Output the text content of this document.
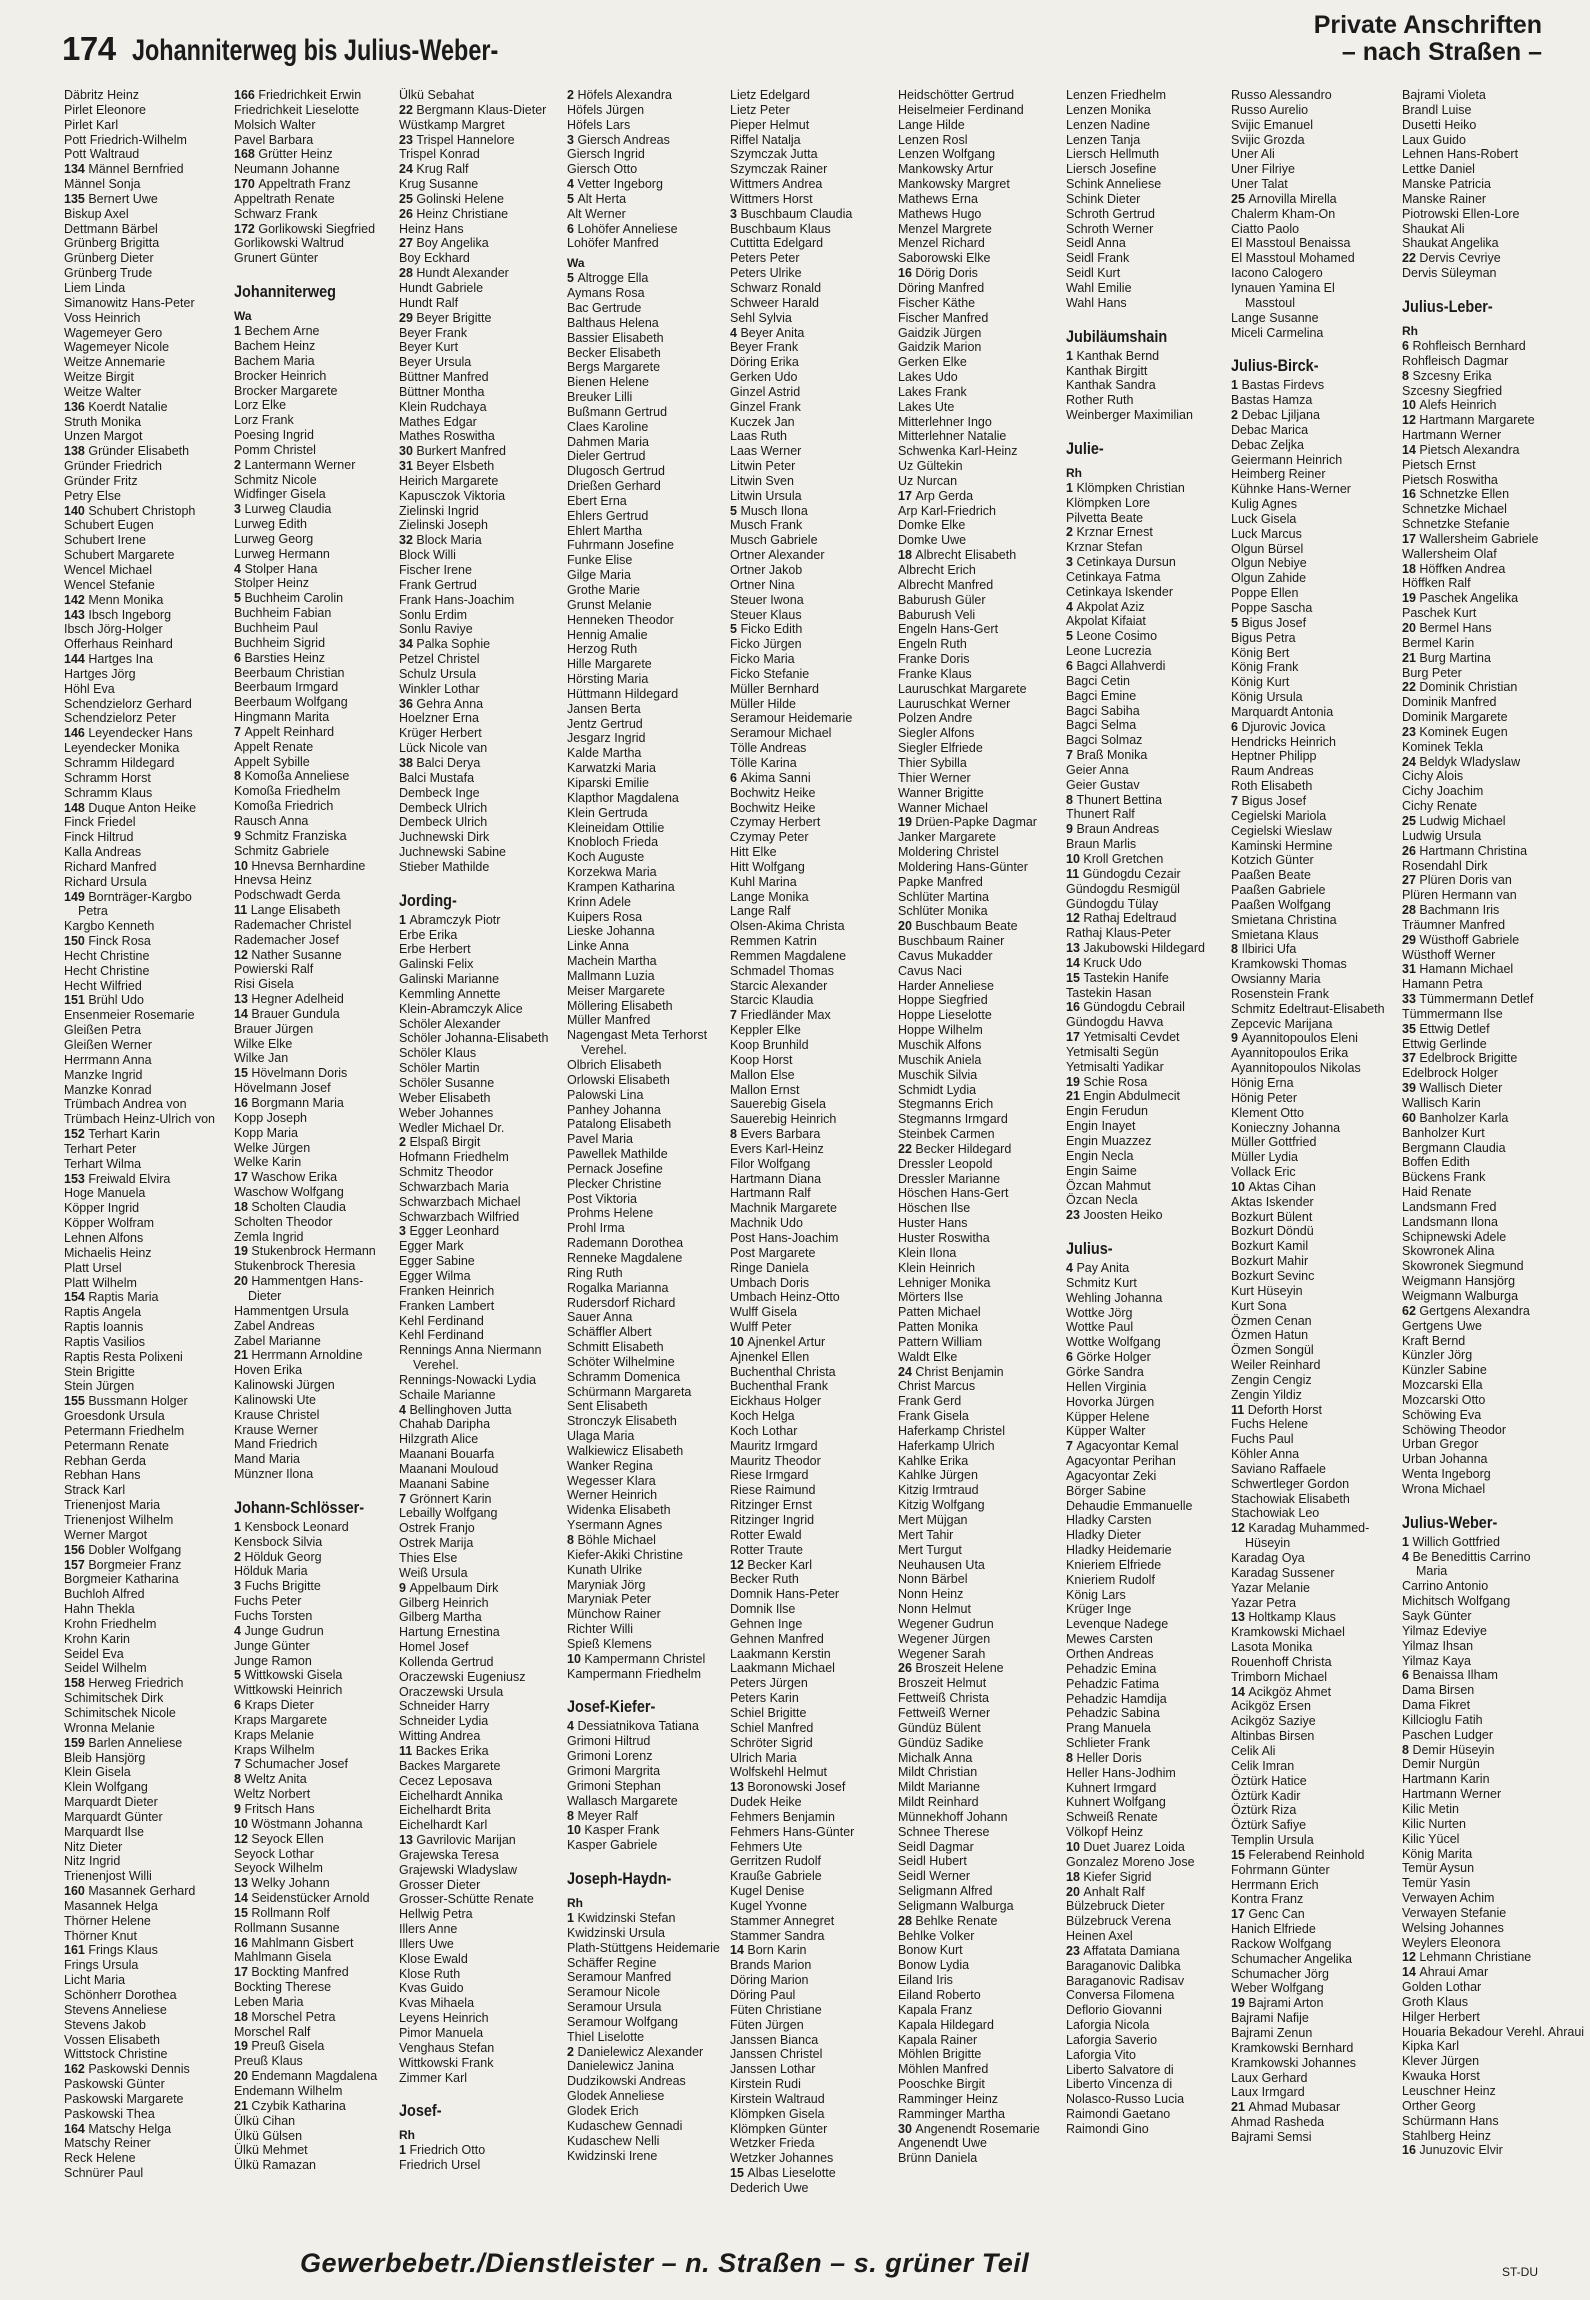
174 Johanniterweg bis Julius-Weber-
Private Anschriften
– nach Straßen –
Däbritz Heinz
Pirlet Eleonore
Pirlet Karl
Pott Friedrich-Wilhelm
Pott Waltraud
134 Männel Bernfried
Männel Sonja
135 Bernert Uwe
Biskup Axel
Dettmann Bärbel
Grünberg Brigitta
Grünberg Dieter
Grünberg Trude
Liem Linda
Simanowitz Hans-Peter
Voss Heinrich
Wagemeyer Gero
Wagemeyer Nicole
Weitze Annemarie
Weitze Birgit
Weitze Walter
136 Koerdt Natalie
Struth Monika
Unzen Margot
138 Gründer Elisabeth
Gründer Friedrich
Gründer Fritz
Petry Else
140 Schubert Christoph
Schubert Eugen
Schubert Irene
Schubert Margarete
Wencel Michael
Wencel Stefanie
142 Menn Monika
143 Ibsch Ingeborg
Ibsch Jörg-Holger
Offerhaus Reinhard
144 Hartges Ina
Hartges Jörg
Höhl Eva
Schendzielorz Gerhard
Schendzielorz Peter
146 Leyendecker Hans
Leyendecker Monika
Schramm Hildegard
Schramm Horst
Schramm Klaus
148 Duque Anton Heike
Finck Friedel
Finck Hiltrud
Kalla Andreas
Richard Manfred
Richard Ursula
149 Bornträger-Kargbo
Petra
Kargbo Kenneth
150 Finck Rosa
Hecht Christine
Hecht Christine
Hecht Wilfried
151 Brühl Udo
Ensenmeier Rosemarie
Gleißen Petra
Gleißen Werner
Herrmann Anna
Manzke Ingrid
Manzke Konrad
Trümbach Andrea von
Trümbach Heinz-Ulrich von
152 Terhart Karin
Terhart Peter
Terhart Wilma
153 Freiwald Elvira
Hoge Manuela
Köpper Ingrid
Köpper Wolfram
Lehnen Alfons
Michaelis Heinz
Platt Ursel
Platt Wilhelm
154 Raptis Maria
Raptis Angela
Raptis Ioannis
Raptis Vasilios
Raptis Resta Polixeni
Stein Brigitte
Stein Jürgen
155 Bussmann Holger
Groesdonk Ursula
Petermann Friedhelm
Petermann Renate
Rebhan Gerda
Rebhan Hans
Strack Karl
Trienenjost Maria
Trienenjost Wilhelm
Werner Margot
156 Dobler Wolfgang
157 Borgmeier Franz
Borgmeier Katharina
Buchloh Alfred
Hahn Thekla
Krohn Friedhelm
Krohn Karin
Seidel Eva
Seidel Wilhelm
158 Herweg Friedrich
Schimitschek Dirk
Schimitschek Nicole
Wronna Melanie
159 Barlen Anneliese
Bleib Hansjörg
Klein Gisela
Klein Wolfgang
Marquardt Dieter
Marquardt Günter
Marquardt Ilse
Nitz Dieter
Nitz Ingrid
Trienenjost Willi
160 Masannek Gerhard
Masannek Helga
Thörner Helene
Thörner Knut
161 Frings Klaus
Frings Ursula
Licht Maria
Schönherr Dorothea
Stevens Anneliese
Stevens Jakob
Vossen Elisabeth
Wittstock Christine
162 Paskowski Dennis
Paskowski Günter
Paskowski Margarete
Paskowski Thea
164 Matschy Helga
Matschy Reiner
Reck Helene
Schnürer Paul
166 Friedrichkeit Erwin
Friedrichkeit Lieselotte
Molsich Walter
Pavel Barbara
168 Grütter Heinz
Neumann Johanne
170 Appeltrath Franz
Appeltrath Renate
Schwarz Frank
172 Gorlikowski Siegfried
Gorlikowski Waltrud
Grunert Günter
Johanniterweg
Wa
1 Bechem Arne
Bachem Heinz
Bachem Maria
Brocker Heinrich
Brocker Margarete
Lorz Elke
Lorz Frank
Poesing Ingrid
Pomm Christel
2 Lantermann Werner
Schmitz Nicole
Widfinger Gisela
3 Lurweg Claudia
Lurweg Edith
Lurweg Georg
Lurweg Hermann
4 Stolper Hana
Stolper Heinz
5 Buchheim Carolin
Buchheim Fabian
Buchheim Paul
Buchheim Sigrid
6 Barsties Heinz
Beerbaum Christian
Beerbaum Irmgard
Beerbaum Wolfgang
Hingmann Marita
7 Appelt Reinhard
Appelt Renate
Appelt Sybille
8 Komoßa Anneliese
Komoßa Friedhelm
Komoßa Friedrich
Rausch Anna
9 Schmitz Franziska
Schmitz Gabriele
10 Hnevsa Bernhardine
Hnevsa Heinz
Podschwadt Gerda
11 Lange Elisabeth
Rademacher Christel
Rademacher Josef
12 Nather Susanne
Powierski Ralf
Risi Gisela
13 Hegner Adelheid
14 Brauer Gundula
Brauer Jürgen
Wilke Elke
Wilke Jan
15 Hövelmann Doris
Hövelmann Josef
16 Borgmann Maria
Kopp Joseph
Kopp Maria
Welke Jürgen
Welke Karin
17 Waschow Erika
Waschow Wolfgang
18 Scholten Claudia
Scholten Theodor
Zemla Ingrid
19 Stukenbrock Hermann
Stukenbrock Theresia
20 Hammentgen Hans-
Dieter
Hammentgen Ursula
Zabel Andreas
Zabel Marianne
21 Herrmann Arnoldine
Hoven Erika
Kalinowski Jürgen
Kalinowski Ute
Krause Christel
Krause Werner
Mand Friedrich
Mand Maria
Münzner Ilona
Johann-Schlösser-
1 Kensbock Leonard
Kensbock Silvia
2 Hölduk Georg
Hölduk Maria
3 Fuchs Brigitte
Fuchs Peter
Fuchs Torsten
4 Junge Gudrun
Junge Günter
Junge Ramon
5 Wittkowski Gisela
Wittkowski Heinrich
6 Kraps Dieter
Kraps Margarete
Kraps Melanie
Kraps Wilhelm
7 Schumacher Josef
8 Weltz Anita
Weltz Norbert
9 Fritsch Hans
10 Wöstmann Johanna
12 Seyock Ellen
Seyock Lothar
Seyock Wilhelm
13 Welky Johann
14 Seidenstücker Arnold
15 Rollmann Rolf
Rollmann Susanne
16 Mahlmann Gisbert
Mahlmann Gisela
17 Bockting Manfred
Bockting Therese
Leben Maria
18 Morschel Petra
Morschel Ralf
19 Preuß Gisela
Preuß Klaus
20 Endemann Magdalena
Endemann Wilhelm
21 Czybik Katharina
Ülkü Cihan
Ülkü Gülsen
Ülkü Mehmet
Ülkü Ramazan
Ülkü Sebahat
22 Bergmann Klaus-Dieter
Wüstkamp Margret
23 Trispel Hannelore
Trispel Konrad
24 Krug Ralf
Krug Susanne
25 Golinski Helene
26 Heinz Christiane
Heinz Hans
27 Boy Angelika
Boy Eckhard
28 Hundt Alexander
Hundt Gabriele
Hundt Ralf
29 Beyer Brigitte
Beyer Frank
Beyer Kurt
Beyer Ursula
Büttner Manfred
Büttner Montha
Klein Rudchaya
Mathes Edgar
Mathes Roswitha
30 Burkert Manfred
31 Beyer Elsbeth
Heirich Margarete
Kapusczok Viktoria
Zielinski Ingrid
Zielinski Joseph
32 Block Maria
Block Willi
Fischer Irene
Frank Gertrud
Frank Hans-Joachim
Sonlu Erdim
Sonlu Raviye
34 Palka Sophie
Petzel Christel
Schulz Ursula
Winkler Lothar
36 Gehra Anna
Hoelzner Erna
Krüger Herbert
Lück Nicole van
38 Balci Derya
Balci Mustafa
Dembeck Inge
Dembeck Ulrich
Dembeck Ulrich
Juchnewski Dirk
Juchnewski Sabine
Stieber Mathilde
Jording-
1 Abramczyk Piotr
Erbe Erika
Erbe Herbert
Galinski Felix
Galinski Marianne
Kemmling Annette
Klein-Abramczyk Alice
Schöler Alexander
Schöler Johanna-Elisabeth
Schöler Klaus
Schöler Martin
Schöler Susanne
Weber Elisabeth
Weber Johannes
Wedler Michael Dr.
2 Elspaß Birgit
Hofmann Friedhelm
Schmitz Theodor
Schwarzbach Maria
Schwarzbach Michael
Schwarzbach Wilfried
3 Egger Leonhard
Egger Mark
Egger Sabine
Egger Wilma
Franken Heinrich
Franken Lambert
Kehl Ferdinand
Kehl Ferdinand
Rennings Anna Niermann
Verehel.
Rennings-Nowacki Lydia
Schaile Marianne
4 Bellinghoven Jutta
Chahab Daripha
Hilzgrath Alice
Maanani Bouarfa
Maanani Mouloud
Maanani Sabine
7 Grönnert Karin
Lebailly Wolfgang
Ostrek Franjo
Ostrek Marija
Thies Else
Weiß Ursula
9 Appelbaum Dirk
Gilberg Heinrich
Gilberg Martha
Hartung Ernestina
Homel Josef
Kollenda Gertrud
Oraczewski Eugeniusz
Oraczewski Ursula
Schneider Harry
Schneider Lydia
Witting Andrea
11 Backes Erika
Backes Margarete
Cecez Leposava
Eichelhardt Annika
Eichelhardt Brita
Eichelhardt Karl
13 Gavrilovic Marijan
Grajewska Teresa
Grajewski Wladyslaw
Grosser Dieter
Grosser-Schütte Renate
Hellwig Petra
Illers Anne
Illers Uwe
Klose Ewald
Klose Ruth
Kvas Guido
Kvas Mihaela
Leyens Heinrich
Pimor Manuela
Venghaus Stefan
Wittkowski Frank
Zimmer Karl
Josef-
Rh
1 Friedrich Otto
Friedrich Ursel
2 Höfels Alexandra
Höfels Jürgen
Höfels Lars
3 Giersch Andreas
Giersch Ingrid
Giersch Otto
4 Vetter Ingeborg
5 Alt Herta
Alt Werner
6 Lohöfer Anneliese
Lohöfer Manfred
Wa
5 Altrogge Ella
Aymans Rosa
Bac Gertrude
Balthaus Helena
Bassier Elisabeth
Becker Elisabeth
Bergs Margarete
Bienen Helene
Breuker Lilli
Bußmann Gertrud
Claes Karoline
Dahmen Maria
Dieler Gertrud
Dlugosch Gertrud
Drießen Gerhard
Ebert Erna
Ehlers Gertrud
Ehlert Martha
Fuhrmann Josefine
Funke Elise
Gilge Maria
Grothe Marie
Grunst Melanie
Henneken Theodor
Hennig Amalie
Herzog Ruth
Hille Margarete
Hörsting Maria
Hüttmann Hildegard
Jansen Berta
Jentz Gertrud
Jesgarz Ingrid
Kalde Martha
Karwatzki Maria
Kiparski Emilie
Klapthor Magdalena
Klein Gertruda
Kleineidam Ottilie
Knobloch Frieda
Koch Auguste
Korzekwa Maria
Krampen Katharina
Krinn Adele
Kuipers Rosa
Lieske Johanna
Linke Anna
Machein Martha
Mallmann Luzia
Meiser Margarete
Möllering Elisabeth
Müller Manfred
Nagengast Meta Terhorst
Verehel.
Olbrich Elisabeth
Orlowski Elisabeth
Palowski Lina
Panhey Johanna
Patalong Elisabeth
Pavel Maria
Pawellek Mathilde
Pernack Josefine
Plecker Christine
Post Viktoria
Prohms Helene
Prohl Irma
Rademann Dorothea
Renneke Magdalene
Ring Ruth
Rogalka Marianna
Rudersdorf Richard
Sauer Anna
Schäffler Albert
Schmitt Elisabeth
Schöter Wilhelmine
Schramm Domenica
Schürmann Margareta
Sent Elisabeth
Stronczyk Elisabeth
Ulaga Maria
Walkiewicz Elisabeth
Wanker Regina
Wegesser Klara
Werner Heinrich
Widenka Elisabeth
Ysermann Agnes
8 Böhle Michael
Kiefer-Akiki Christine
Kunath Ulrike
Maryniak Jörg
Maryniak Peter
Münchow Rainer
Richter Willi
Spieß Klemens
10 Kampermann Christel
Kampermann Friedhelm
Josef-Kiefer-
4 Dessiatnikova Tatiana
Grimoni Hiltrud
Grimoni Lorenz
Grimoni Margrita
Grimoni Stephan
Wallasch Margarete
8 Meyer Ralf
10 Kasper Frank
Kasper Gabriele
Joseph-Haydn-
Rh
1 Kwidzinski Stefan
Kwidzinski Ursula
Plath-Stüttgens Heidemarie
Schäffer Regine
Seramour Manfred
Seramour Nicole
Seramour Ursula
Seramour Wolfgang
Thiel Liselotte
2 Danielewicz Alexander
Danielewicz Janina
Dudzikowski Andreas
Glodek Anneliese
Glodek Erich
Kudaschew Gennadi
Kudaschew Nelli
Kwidzinski Irene
Lietz Edelgard
Lietz Peter
Pieper Helmut
Riffel Natalja
Szymczak Jutta
Szymczak Rainer
Wittmers Andrea
Wittmers Horst
3 Buschbaum Claudia
Buschbaum Klaus
Cuttitta Edelgard
Peters Peter
Peters Ulrike
Schwarz Ronald
Schweer Harald
Sehl Sylvia
4 Beyer Anita
Beyer Frank
Döring Erika
Gerken Udo
Ginzel Astrid
Ginzel Frank
Kuczek Jan
Laas Ruth
Laas Werner
Litwin Peter
Litwin Sven
Litwin Ursula
5 Musch Ilona
Musch Frank
Musch Gabriele
Ortner Alexander
Ortner Jakob
Ortner Nina
Steuer Iwona
Steuer Klaus
5 Ficko Edith
Ficko Jürgen
Ficko Maria
Ficko Stefanie
Müller Bernhard
Müller Hilde
Seramour Heidemarie
Seramour Michael
Tölle Andreas
Tölle Karina
6 Akima Sanni
Bochwitz Heike
Bochwitz Heike
Czymay Herbert
Czymay Peter
Hitt Elke
Hitt Wolfgang
Kuhl Marina
Lange Monika
Lange Ralf
Olsen-Akima Christa
Remmen Katrin
Remmen Magdalene
Schmadel Thomas
Starcic Alexander
Starcic Klaudia
7 Friedländer Max
Keppler Elke
Koop Brunhild
Koop Horst
Mallon Else
Mallon Ernst
Sauerebig Gisela
Sauerebig Heinrich
8 Evers Barbara
Evers Karl-Heinz
Filor Wolfgang
Hartmann Diana
Hartmann Ralf
Machnik Margarete
Machnik Udo
Post Hans-Joachim
Post Margarete
Ringe Daniela
Umbach Doris
Umbach Heinz-Otto
Wulff Gisela
Wulff Peter
10 Ajnenkel Artur
Ajnenkel Ellen
Buchenthal Christa
Buchenthal Frank
Eickhaus Holger
Koch Helga
Koch Lothar
Mauritz Irmgard
Mauritz Theodor
Riese Irmgard
Riese Raimund
Ritzinger Ernst
Ritzinger Ingrid
Rotter Ewald
Rotter Traute
12 Becker Karl
Becker Ruth
Domnik Hans-Peter
Domnik Ilse
Gehnen Inge
Gehnen Manfred
Laakmann Kerstin
Laakmann Michael
Peters Jürgen
Peters Karin
Schiel Brigitte
Schiel Manfred
Schröter Sigrid
Ulrich Maria
Wolfskehl Helmut
13 Boronowski Josef
Dudek Heike
Fehmers Benjamin
Fehmers Hans-Günter
Fehmers Ute
Gerritzen Rudolf
Krauße Gabriele
Kugel Denise
Kugel Yvonne
Stammer Annegret
Stammer Sandra
14 Born Karin
Brands Marion
Döring Marion
Döring Paul
Füten Christiane
Füten Jürgen
Janssen Bianca
Janssen Christel
Janssen Lothar
Kirstein Rudi
Kirstein Waltraud
Klömpken Gisela
Klömpken Günter
Wetzker Frieda
Wetzker Johannes
15 Albas Lieselotte
Dederich Uwe
Heidschötter Gertrud
Heiselmeier Ferdinand
Lange Hilde
Lenzen Rosl
Lenzen Wolfgang
Mankowsky Artur
Mankowsky Margret
Mathews Erna
Mathews Hugo
Menzel Margrete
Menzel Richard
Saborowski Elke
16 Dörig Doris
Döring Manfred
Fischer Käthe
Fischer Manfred
Gaidzik Jürgen
Gaidzik Marion
Gerken Elke
Lakes Udo
Lakes Frank
Lakes Ute
Mitterlehner Ingo
Mitterlehner Natalie
Schwenka Karl-Heinz
Uz Gültekin
Uz Nurcan
17 Arp Gerda
Arp Karl-Friedrich
Domke Elke
Domke Uwe
18 Albrecht Elisabeth
Albrecht Erich
Albrecht Manfred
Baburush Güler
Baburush Veli
Engeln Hans-Gert
Engeln Ruth
Franke Doris
Franke Klaus
Lauruschkat Margarete
Lauruschkat Werner
Polzen Andre
Siegler Alfons
Siegler Elfriede
Thier Sybilla
Thier Werner
Wanner Brigitte
Wanner Michael
19 Drüen-Papke Dagmar
Janker Margarete
Moldering Christel
Moldering Hans-Günter
Papke Manfred
Schlüter Martina
Schlüter Monika
20 Buschbaum Beate
Buschbaum Rainer
Cavus Mukadder
Cavus Naci
Harder Anneliese
Hoppe Siegfried
Hoppe Lieselotte
Hoppe Wilhelm
Muschik Alfons
Muschik Aniela
Muschik Silvia
Schmidt Lydia
Stegmanns Erich
Stegmanns Irmgard
Steinbek Carmen
22 Becker Hildegard
Dressler Leopold
Dressler Marianne
Höschen Hans-Gert
Höschen Ilse
Huster Hans
Huster Roswitha
Klein Ilona
Klein Heinrich
Lehniger Monika
Mörters Ilse
Patten Michael
Patten Monika
Pattern William
Waldt Elke
24 Christ Benjamin
Christ Marcus
Frank Gerd
Frank Gisela
Haferkamp Christel
Haferkamp Ulrich
Kahlke Erika
Kahlke Jürgen
Kitzig Irmtraud
Kitzig Wolfgang
Mert Müjgan
Mert Tahir
Mert Turgut
Neuhausen Uta
Nonn Bärbel
Nonn Heinz
Nonn Helmut
Wegener Gudrun
Wegener Jürgen
Wegener Sarah
26 Broszeit Helene
Broszeit Helmut
Fettweiß Christa
Fettweiß Werner
Gündüz Bülent
Gündüz Sadike
Michalk Anna
Mildt Christian
Mildt Marianne
Mildt Reinhard
Münnekhoff Johann
Schnee Therese
Seidl Dagmar
Seidl Hubert
Seidl Werner
Seligmann Alfred
Seligmann Walburga
28 Behlke Renate
Behlke Volker
Bonow Kurt
Bonow Lydia
Eiland Iris
Eiland Roberto
Kapala Franz
Kapala Hildegard
Kapala Rainer
Möhlen Brigitte
Möhlen Manfred
Pooschke Birgit
Ramminger Heinz
Ramminger Martha
30 Angenendt Rosemarie
Angenendt Uwe
Brünn Daniela
Lenzen Friedhelm
Lenzen Monika
Lenzen Nadine
Lenzen Tanja
Liersch Hellmuth
Liersch Josefine
Schink Anneliese
Schink Dieter
Schroth Gertrud
Schroth Werner
Seidl Anna
Seidl Frank
Seidl Kurt
Wahl Emilie
Wahl Hans
Jubiläumshain
1 Kanthak Bernd
Kanthak Birgitt
Kanthak Sandra
Rother Ruth
Weinberger Maximilian
Julie-
Rh
1 Klömpken Christian
Klömpken Lore
Pilvetta Beate
2 Krznar Ernest
Krznar Stefan
3 Cetinkaya Dursun
Cetinkaya Fatma
Cetinkaya Iskender
4 Akpolat Aziz
Akpolat Kifaiat
5 Leone Cosimo
Leone Lucrezia
6 Bagci Allahverdi
Bagci Cetin
Bagci Emine
Bagci Sabiha
Bagci Selma
Bagci Solmaz
7 Braß Monika
Geier Anna
Geier Gustav
8 Thunert Bettina
Thunert Ralf
9 Braun Andreas
Braun Marlis
10 Kroll Gretchen
11 Gündogdu Cezair
Gündogdu Resmigül
Gündogdu Tülay
12 Rathaj Edeltraud
Rathaj Klaus-Peter
13 Jakubowski Hildegard
14 Kruck Udo
15 Tastekin Hanife
Tastekin Hasan
16 Gündogdu Cebrail
Gündogdu Havva
17 Yetmisalti Cevdet
Yetmisalti Segün
Yetmisalti Yadikar
19 Schie Rosa
21 Engin Abdulmecit
Engin Ferudun
Engin Inayet
Engin Muazzez
Engin Necla
Engin Saime
Özcan Mahmut
Özcan Necla
23 Joosten Heiko
Julius-
4 Pay Anita
Schmitz Kurt
Wehling Johanna
Wottke Jörg
Wottke Paul
Wottke Wolfgang
6 Görke Holger
Görke Sandra
Hellen Virginia
Hovorka Jürgen
Küpper Helene
Küpper Walter
7 Agacyontar Kemal
Agacyontar Perihan
Agacyontar Zeki
Börger Sabine
Dehaudie Emmanuelle
Hladky Carsten
Hladky Dieter
Hladky Heidemarie
Knieriem Elfriede
Knieriem Rudolf
König Lars
Krüger Inge
Levenque Nadege
Mewes Carsten
Orthen Andreas
Pehadzic Emina
Pehadzic Fatima
Pehadzic Hamdija
Pehadzic Sabina
Prang Manuela
Schlieter Frank
8 Heller Doris
Heller Hans-Jodhim
Kuhnert Irmgard
Kuhnert Wolfgang
Schweiß Renate
Völkopf Heinz
10 Duet Juarez Loida
Gonzalez Moreno Jose
18 Kiefer Sigrid
20 Anhalt Ralf
Bülzebruck Dieter
Bülzebruck Verena
Heinen Axel
23 Affatata Damiana
Baraganovic Dalibka
Baraganovic Radisav
Conversa Filomena
Deflorio Giovanni
Laforgia Nicola
Laforgia Saverio
Laforgia Vito
Liberto Salvatore di
Liberto Vincenza di
Nolasco-Russo Lucia
Raimondi Gaetano
Raimondi Gino
Russo Alessandro
Russo Aurelio
Svijic Emanuel
Svijic Grozda
Uner Ali
Uner Filriye
Uner Talat
25 Arnovilla Mirella
Chalerm Kham-On
Ciatto Paolo
El Masstoul Benaissa
El Masstoul Mohamed
Iacono Calogero
Iynauen Yamina El
Masstoul
Lange Susanne
Miceli Carmelina
Julius-Birck-
1 Bastas Firdevs
Bastas Hamza
2 Debac Ljiljana
Debac Marica
Debac Zeljka
Geiermann Heinrich
Heimberg Reiner
Kühnke Hans-Werner
Kulig Agnes
Luck Gisela
Luck Marcus
Olgun Bürsel
Olgun Nebiye
Olgun Zahide
Poppe Ellen
Poppe Sascha
5 Bigus Josef
Bigus Petra
König Bert
König Frank
König Kurt
König Ursula
Marquardt Antonia
6 Djurovic Jovica
Hendricks Heinrich
Heptner Philipp
Raum Andreas
Roth Elisabeth
7 Bigus Josef
Cegielski Mariola
Cegielski Wieslaw
Kaminski Hermine
Kotzich Günter
Paaßen Beate
Paaßen Gabriele
Paaßen Wolfgang
Smietana Christina
Smietana Klaus
8 Ilbirici Ufa
Kramkowski Thomas
Owsianny Maria
Rosenstein Frank
Schmitz Edeltraut-Elisabeth
Zepcevic Marijana
9 Ayannitopoulos Eleni
Ayannitopoulos Erika
Ayannitopoulos Nikolas
Hönig Erna
Hönig Peter
Klement Otto
Konieczny Johanna
Müller Gottfried
Müller Lydia
Vollack Eric
10 Aktas Cihan
Aktas Iskender
Bozkurt Bülent
Bozkurt Döndü
Bozkurt Kamil
Bozkurt Mahir
Bozkurt Sevinc
Kurt Hüseyin
Kurt Sona
Özmen Cenan
Özmen Hatun
Özmen Songül
Weiler Reinhard
Zengin Cengiz
Zengin Yildiz
11 Deforth Horst
Fuchs Helene
Fuchs Paul
Köhler Anna
Saviano Raffaele
Schwertleger Gordon
Stachowiak Elisabeth
Stachowiak Leo
12 Karadag Muhammed-
Hüseyin
Karadag Oya
Karadag Sussener
Yazar Melanie
Yazar Petra
13 Holtkamp Klaus
Kramkowski Michael
Lasota Monika
Rouenhoff Christa
Trimborn Michael
14 Acikgöz Ahmet
Acikgöz Ersen
Acikgöz Saziye
Altinbas Birsen
Celik Ali
Celik Imran
Öztürk Hatice
Öztürk Kadir
Öztürk Riza
Öztürk Safiye
Templin Ursula
15 Felerabend Reinhold
Fohrmann Günter
Herrmann Erich
Kontra Franz
17 Genc Can
Hanich Elfriede
Rackow Wolfgang
Schumacher Angelika
Schumacher Jörg
Weber Wolfgang
19 Bajrami Arton
Bajrami Nafije
Bajrami Zenun
Kramkowski Bernhard
Kramkowski Johannes
Laux Gerhard
Laux Irmgard
21 Ahmad Mubasar
Ahmad Rasheda
Bajrami Semsi
Bajrami Violeta
Brandl Luise
Dusetti Heiko
Laux Guido
Lehnen Hans-Robert
Lettke Daniel
Manske Patricia
Manske Rainer
Piotrowski Ellen-Lore
Shaukat Ali
Shaukat Angelika
22 Dervis Cevriye
Dervis Süleyman
Julius-Leber-
Rh
6 Rohfleisch Bernhard
Rohfleisch Dagmar
8 Szcesny Erika
Szcesny Siegfried
10 Alefs Heinrich
12 Hartmann Margarete
Hartmann Werner
14 Pietsch Alexandra
Pietsch Ernst
Pietsch Roswitha
16 Schnetzke Ellen
Schnetzke Michael
Schnetzke Stefanie
17 Wallersheim Gabriele
Wallersheim Olaf
18 Höffken Andrea
Höffken Ralf
19 Paschek Angelika
Paschek Kurt
20 Bermel Hans
Bermel Karin
21 Burg Martina
Burg Peter
22 Dominik Christian
Dominik Manfred
Dominik Margarete
23 Kominek Eugen
Kominek Tekla
24 Beldyk Wladyslaw
Cichy Alois
Cichy Joachim
Cichy Renate
25 Ludwig Michael
Ludwig Ursula
26 Hartmann Christina
Rosendahl Dirk
27 Plüren Doris van
Plüren Hermann van
28 Bachmann Iris
Träumner Manfred
29 Wüsthoff Gabriele
Wüsthoff Werner
31 Hamann Michael
Hamann Petra
33 Tümmermann Detlef
Tümmermann Ilse
35 Ettwig Detlef
Ettwig Gerlinde
37 Edelbrock Brigitte
Edelbrock Holger
39 Wallisch Dieter
Wallisch Karin
60 Banholzer Karla
Banholzer Kurt
Bergmann Claudia
Boffen Edith
Bückens Frank
Haid Renate
Landsmann Fred
Landsmann Ilona
Schipnewski Adele
Skowronek Alina
Skowronek Siegmund
Weigmann Hansjörg
Weigmann Walburga
62 Gertgens Alexandra
Gertgens Uwe
Kraft Bernd
Künzler Jörg
Künzler Sabine
Mozcarski Ella
Mozcarski Otto
Schöwing Eva
Schöwing Theodor
Urban Gregor
Urban Johanna
Wenta Ingeborg
Wrona Michael
Julius-Weber-
1 Willich Gottfried
4 Be Benedittis Carrino
Maria
Carrino Antonio
Michitsch Wolfgang
Sayk Günter
Yilmaz Edeviye
Yilmaz Ihsan
Yilmaz Kaya
6 Benaissa Ilham
Dama Birsen
Dama Fikret
Killcioglu Fatih
Paschen Ludger
8 Demir Hüseyin
Demir Nurgün
Hartmann Karin
Hartmann Werner
Kilic Metin
Kilic Nurten
Kilic Yücel
König Marita
Temür Aysun
Temür Yasin
Verwayen Achim
Verwayen Stefanie
Welsing Johannes
Weylers Eleonora
12 Lehmann Christiane
14 Ahraui Amar
Golden Lothar
Groth Klaus
Hilger Herbert
Houaria Bekadour Verehl. Ahraui
Kipka Karl
Klever Jürgen
Kwauka Horst
Leuschner Heinz
Orther Georg
Schürmann Hans
Stahlberg Heinz
16 Junuzovic Elvir
Gewerbebetr./Dienstleister – n. Straßen – s. grüner Teil	ST-DU
